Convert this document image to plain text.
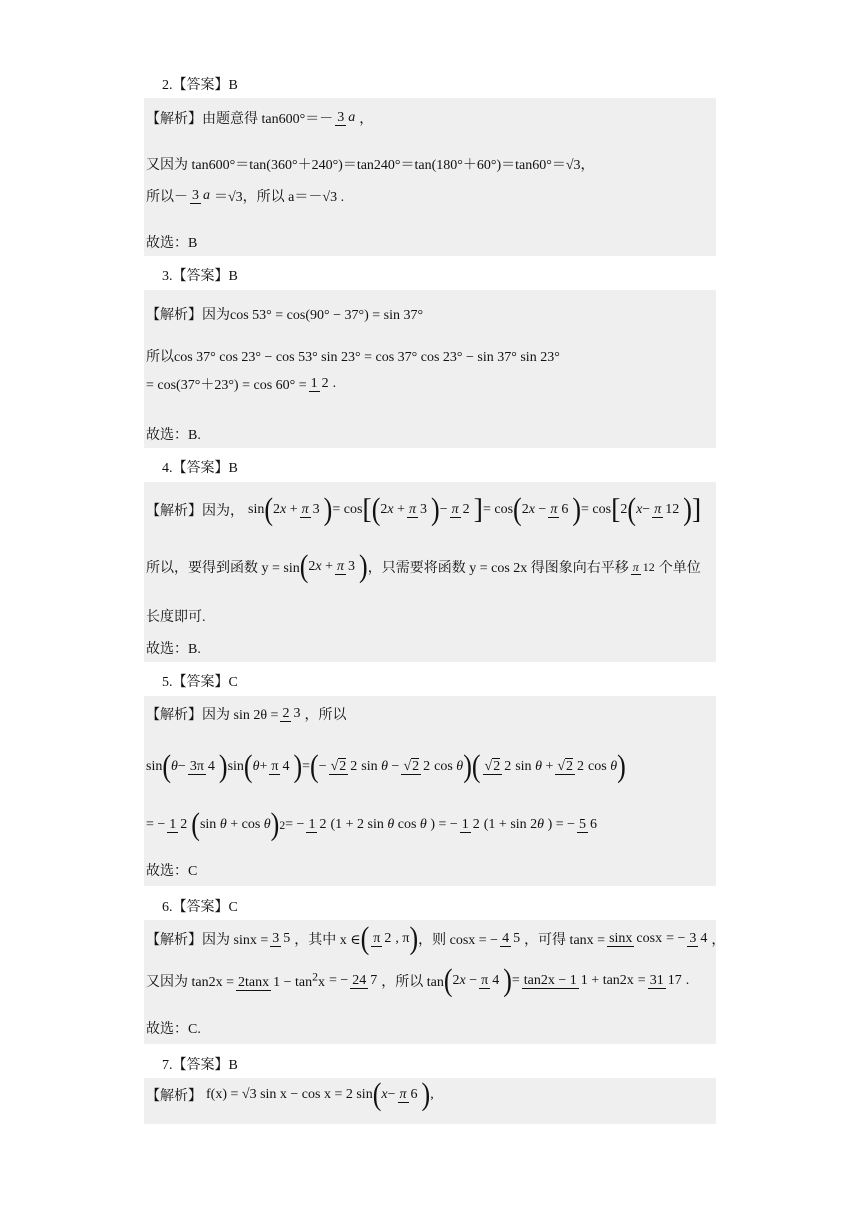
2.【答案】B
【解析】 由题意得 tan600°＝－ 3 a ，
又因为 tan600°＝tan(360°＋240°)＝tan240°＝tan(180°＋60°)＝tan60°＝√3，
所以－ 3 a ＝√3，所以 a＝－√3 .
故选：B
3.【答案】B
【解析】 因为cos 53° = cos(90° − 37°) = sin 37°
所以cos 37° cos 23° − cos 53° sin 23° = cos 37° cos 23° − sin 37° sin 23°
= cos(37°＋23°) = cos 60° = 1 2 .
故选：B.
4.【答案】B
【解析】 因为， sin ( 2x + π 3 ) = cos [ ( 2x + π 3 ) − π 2 ] = cos ( 2x − π 6 ) = cos [ 2 ( x − π 12 ) ]
所以，要得到函数 y = sin ( 2x + π 3 ) ，只需要将函数 y = cos 2x 得图象向右平移 π 12 个单位
长度即可.
故选：B.
5.【答案】C
【解析】 因为 sin 2θ = 2 3 ，所以
sin ( θ − 3π 4 ) sin ( θ + π 4 ) = ( − √2 2 sin θ − √2 2 cos θ ) ( √2 2 sin θ + √2 2 cos θ )
= − 1 2 ( sin θ + cos θ ) 2 = − 1 2 (1 + 2 sin θ cos θ ) = − 1 2 (1 + sin 2θ ) = − 5 6
故选：C
6.【答案】C
【解析】 因为 sinx = 3 5 ，其中 x ∈ ( π 2 , π ) ，则 cosx = − 4 5 ，可得 tanx = sinx cosx = − 3 4 ，
又因为 tan2x = 2tanx $1 - \tan^2x$ = − 24 7 ，所以 tan ( 2x − π 4 ) = tan2x − 1 1 + tan2x = 31 17 .
故选：C.
7.【答案】B
【解析】 f(x) = √3 sin x − cos x = 2 sin ( x − π 6 ) ,
